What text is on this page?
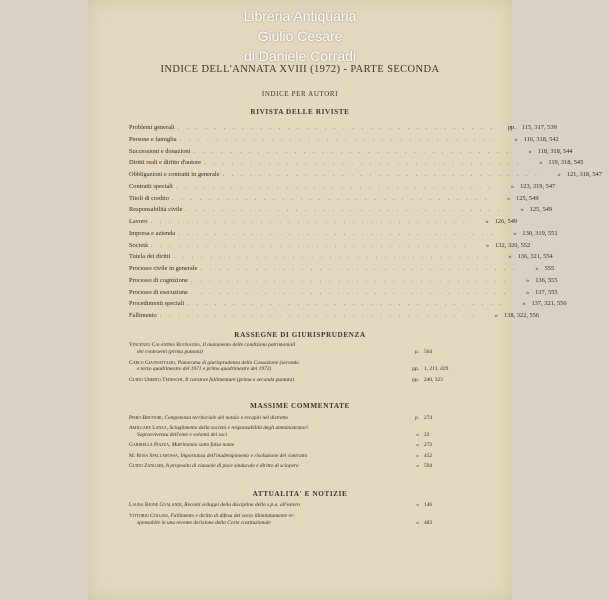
Libreria Antiquaria
Giulio Cesare
di Daniele Corradi
INDICE DELL'ANNATA XVIII (1972) - PARTE SECONDA
INDICE PER AUTORI
RIVISTA DELLE RIVISTE
Problemi generali . . . . . . . . . . . . . . . . . . . . . . . . . . . . . . . . . . .	pp. 115, 317, 539
Persone e famiglia . . . . . . . . . . . . . . . . . . . . . . . . . . . . . . . . . . .	» 116, 318, 542
Successioni e donazioni . . . . . . . . . . . . . . . . . . . . . . . . . . . . . . . . . . .	» 118, 318, 544
Diritti reali e diritto d'autore . . . . . . . . . . . . . . . . . . . . . . . . . . . . . . . . . . .	» 119, 318, 545
Obbligazioni e contratti in generale . . . . . . . . . . . . . . . . . . . . . . . . . . . . . . . . . . .	» 121, 318, 547
Contratti speciali . . . . . . . . . . . . . . . . . . . . . . . . . . . . . . . . . . .	» 123, 319, 547
Titoli di credito . . . . . . . . . . . . . . . . . . . . . . . . . . . . . . . . . . .	» 125, 549
Responsabilità civile . . . . . . . . . . . . . . . . . . . . . . . . . . . . . . . . . . .	» 125, 549
Lavoro . . . . . . . . . . . . . . . . . . . . . . . . . . . . . . . . . . .	» 126, 549
Impresa e azienda . . . . . . . . . . . . . . . . . . . . . . . . . . . . . . . . . . .	» 130, 319, 551
Società . . . . . . . . . . . . . . . . . . . . . . . . . . . . . . . . . . .	» 132, 320, 552
Tutela dei diritti . . . . . . . . . . . . . . . . . . . . . . . . . . . . . . . . . . .	» 136, 321, 554
Processo civile in generale . . . . . . . . . . . . . . . . . . . . . . . . . . . . . . . . . . .	» 555
Processo di cognizione . . . . . . . . . . . . . . . . . . . . . . . . . . . . . . . . . . .	» 136, 555
Processo di esecuzione . . . . . . . . . . . . . . . . . . . . . . . . . . . . . . . . . . .	» 137, 555
Procedimenti speciali . . . . . . . . . . . . . . . . . . . . . . . . . . . . . . . . . . .	» 137, 321, 556
Fallimento . . . . . . . . . . . . . . . . . . . . . . . . . . . . . . . . . . .	» 138, 322, 556
RASSEGNE DI GIURISPRUDENZA
Vincenzo Calandra Buonaura, Il mutamento delle condizioni patrimoniali
dei contraenti (prima puntata)	p. 564
Carlo Giannattasio, Panorama di giurisprudenza della Cassazione (secondo
e terzo quadrimestre del 1971 e primo quadrimestre del 1972)	pp. 1, 213, 429
Guido Uberto Tedeschi, Il curatore fallimentare (prima e seconda puntata)	pp. 240, 323
MASSIME COMMENTATE
Piero Brunori, Competenza territoriale del notaio e recapiti nel distretto	p. 274
Amilcare Lanza, Scioglimento della società e responsabilità degli amministratori.
Sopravvivenza dell'ente e volontà dei soci	» 22
Gabriella Piazza, Matrimonio sotto falso nome	» 272
M. Rosa Spallarossa, Importanza dell'inadempimento e risoluzione del contratto	» 452
Guido Zangari, A proposito di clausole di pace sindacale e diritto di sciopero	» 594
ATTUALITA' E NOTIZIE
Laura Bione Gualandi, Recenti sviluppi della disciplina della s.p.a. all'estero	» 146
Vittorio Colussi, Fallimento e diritto di difesa del socio illimitatamente re-
sponsabile in una recente decisione della Corte costituzionale	» 483
